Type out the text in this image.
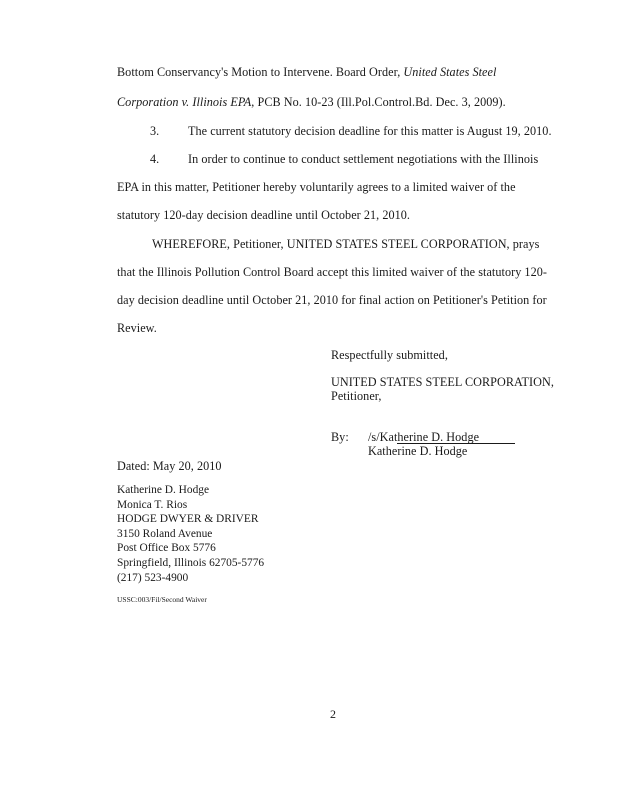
Bottom Conservancy's Motion to Intervene. Board Order, United States Steel
Corporation v. Illinois EPA, PCB No. 10-23 (Ill.Pol.Control.Bd. Dec. 3, 2009).
3. The current statutory decision deadline for this matter is August 19, 2010.
4. In order to continue to conduct settlement negotiations with the Illinois
EPA in this matter, Petitioner hereby voluntarily agrees to a limited waiver of the
statutory 120-day decision deadline until October 21, 2010.
WHEREFORE, Petitioner, UNITED STATES STEEL CORPORATION, prays
that the Illinois Pollution Control Board accept this limited waiver of the statutory 120-
day decision deadline until October 21, 2010 for final action on Petitioner's Petition for
Review.
Respectfully submitted,
UNITED STATES STEEL CORPORATION,
Petitioner,
By: /s/Katherine D. Hodge
Katherine D. Hodge
Dated: May 20, 2010
Katherine D. Hodge
Monica T. Rios
HODGE DWYER & DRIVER
3150 Roland Avenue
Post Office Box 5776
Springfield, Illinois 62705-5776
(217) 523-4900
USSC:003/Fil/Second Waiver
2
